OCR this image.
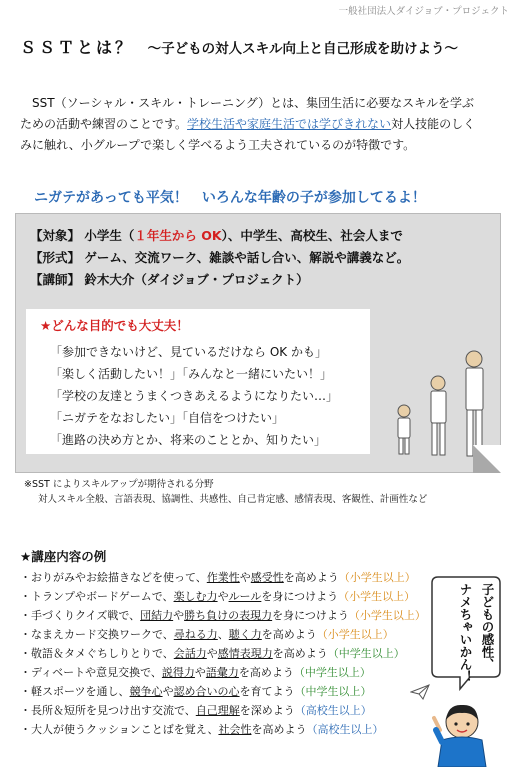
一般社団法人ダイジョブ・プロジェクト
ＳＳＴとは？ ～子どもの対人スキル向上と自己形成を助けよう～

 SST（ソーシャル・スキル・トレーニング）とは、集団生活に必要なスキルを学ぶ

ための活動や練習のことです。学校生活や家庭生活では学びきれない対人技能のしく

みに触れ、小グループで楽しく学べるよう工夫されているのが特徴です。

ニガテがあっても平気！　いろんな年齢の子が参加してるよ！
【対象】 小学生（１年生から OK）、中学生、高校生、社会人まで
【形式】 ゲーム、交流ワーク、雑談や話し合い、解説や講義など。
【講師】 鈴木大介（ダイジョブ・プロジェクト）
★どんな目的でも大丈夫！
「参加できないけど、見ているだけなら OK かも」
「楽しく活動したい！」「みんなと一緒にいたい！」
「学校の友達とうまくつきあえるようになりたい…」
「ニガテをなおしたい」「自信をつけたい」
「進路の決め方とか、将来のこととか、知りたい」
※SST によりスキルアップが期待される分野
対人スキル全般、言語表現、協調性、共感性、自己肯定感、感情表現、客観性、計画性など
★講座内容の例
・おりがみやお絵描きなどを使って、作業性や感受性を高めよう（小学生以上）
・トランプやボードゲームで、楽しむ力やルールを身につけよう（小学生以上）
・手づくりクイズ戦で、団結力や勝ち負けの表現力を身につけよう（小学生以上）
・なまえカード交換ワークで、尋ねる力、聴く力を高めよう（小学生以上）
・敬語＆タメぐちしりとりで、会話力や感情表現力を高めよう（中学生以上）
・ディベートや意見交換で、説得力や語彙力を高めよう（中学生以上）
・軽スポーツを通し、競争心や認め合いの心を育てよう（中学生以上）
・長所＆短所を見つけ出す交流で、自己理解を深めよう（高校生以上）
・大人が使うクッションことばを覚え、社会性を高めよう（高校生以上）
子どもの感性、
ナメちゃいかん！
